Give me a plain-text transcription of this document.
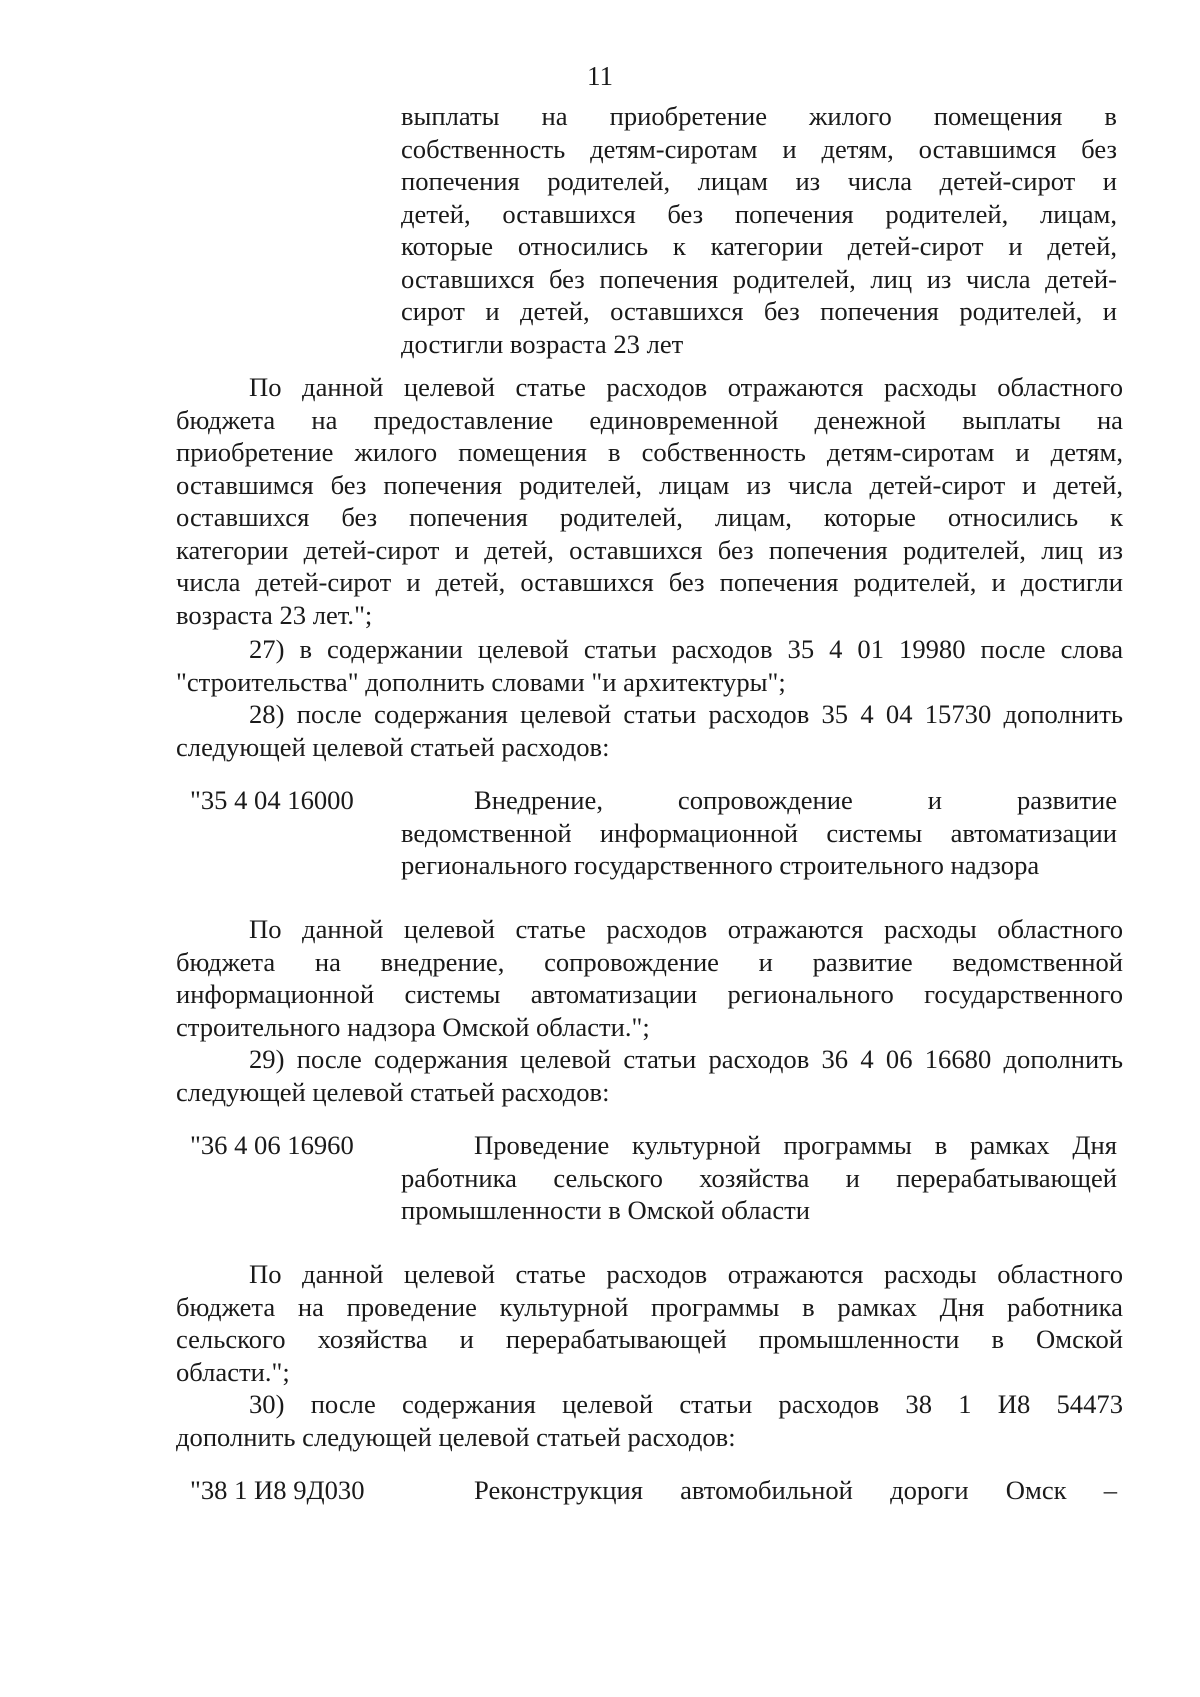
11
выплаты на приобретение жилого помещения в
собственность детям-сиротам и детям, оставшимся без
попечения родителей, лицам из числа детей-сирот и
детей, оставшихся без попечения родителей, лицам,
которые относились к категории детей-сирот и детей,
оставшихся без попечения родителей, лиц из числа детей-
сирот и детей, оставшихся без попечения родителей, и
достигли возраста 23 лет
По данной целевой статье расходов отражаются расходы областного
бюджета на предоставление единовременной денежной выплаты на
приобретение жилого помещения в собственность детям-сиротам и детям,
оставшимся без попечения родителей, лицам из числа детей-сирот и детей,
оставшихся без попечения родителей, лицам, которые относились к
категории детей-сирот и детей, оставшихся без попечения родителей, лиц из
числа детей-сирот и детей, оставшихся без попечения родителей, и достигли
возраста 23 лет.";
27) в содержании целевой статьи расходов 35 4 01 19980 после слова
"строительства" дополнить словами "и архитектуры";
28) после содержания целевой статьи расходов 35 4 04 15730 дополнить
следующей целевой статьей расходов:
"35 4 04 16000	Внедрение, сопровождение и развитие
ведомственной информационной системы автоматизации
регионального государственного строительного надзора
По данной целевой статье расходов отражаются расходы областного
бюджета на внедрение, сопровождение и развитие ведомственной
информационной системы автоматизации регионального государственного
строительного надзора Омской области.";
29) после содержания целевой статьи расходов 36 4 06 16680 дополнить
следующей целевой статьей расходов:
"36 4 06 16960	Проведение культурной программы в рамках Дня
работника сельского хозяйства и перерабатывающей
промышленности в Омской области
По данной целевой статье расходов отражаются расходы областного
бюджета на проведение культурной программы в рамках Дня работника
сельского хозяйства и перерабатывающей промышленности в Омской
области.";
30) после содержания целевой статьи расходов 38 1 И8 54473
дополнить следующей целевой статьей расходов:
"38 1 И8 9Д030	Реконструкция автомобильной дороги Омск –
